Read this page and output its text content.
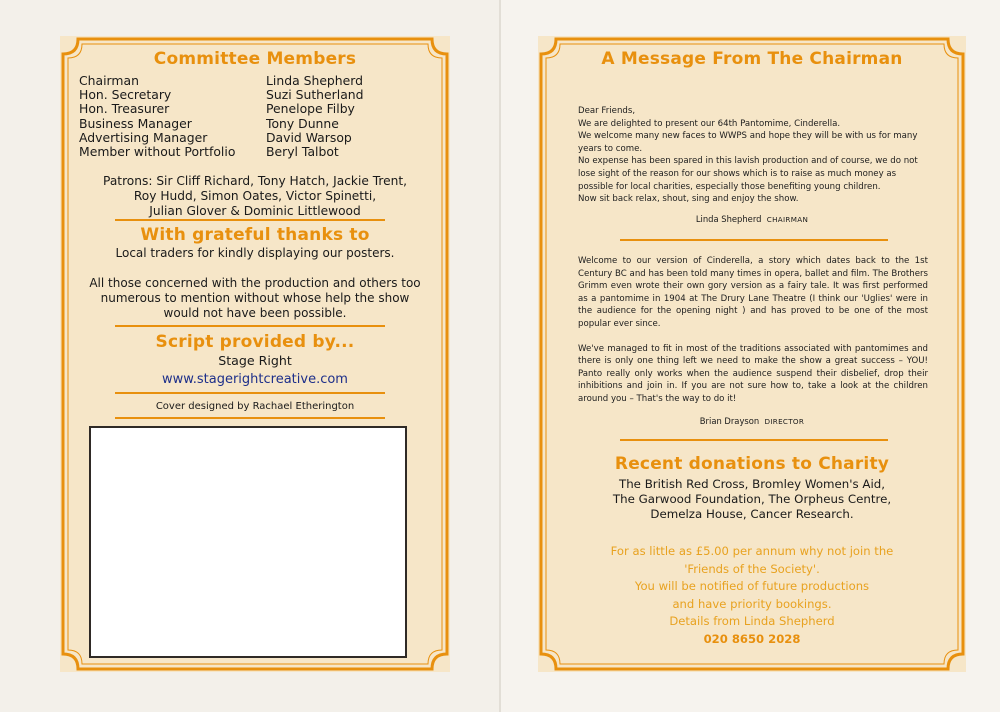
Committee Members
Chairman
Hon. Secretary
Hon. Treasurer
Business Manager
Advertising Manager
Member without Portfolio
Linda Shepherd
Suzi Sutherland
Penelope Filby
Tony Dunne
David Warsop
Beryl Talbot
Patrons: Sir Cliff Richard, Tony Hatch, Jackie Trent,
Roy Hudd, Simon Oates, Victor Spinetti,
Julian Glover & Dominic Littlewood
With grateful thanks to
Local traders for kindly displaying our posters.
All those concerned with the production and others too
numerous to mention without whose help the show
would not have been possible.
Script provided by...
Stage Right
www.stagerightcreative.com
Cover designed by Rachael Etherington
A Message From The Chairman

Dear Friends,

We are delighted to present our 64th Pantomime, Cinderella.

We welcome many new faces to WWPS and hope they will be with us for many years to come.

No expense has been spared in this lavish production and of course, we do not lose sight of the reason for our shows which is to raise as much money as possible for local charities, especially those benefiting young children.

Now sit back relax, shout, sing and enjoy the show.

Linda Shepherd CHAIRMAN

Welcome to our version of Cinderella, a story which dates back to the 1st Century BC and has been told many times in opera, ballet and film. The Brothers Grimm even wrote their own gory version as a fairy tale. It was first performed as a pantomime in 1904 at The Drury Lane Theatre (I think our 'Uglies' were in the audience for the opening night ) and has proved to be one of the most popular ever since.

We've managed to fit in most of the traditions associated with pantomimes and there is only one thing left we need to make the show a great success – YOU! Panto really only works when the audience suspend their disbelief, drop their inhibitions and join in. If you are not sure how to, take a look at the children around you – That's the way to do it!

Brian Drayson DIRECTOR
Recent donations to Charity
The British Red Cross, Bromley Women's Aid,
The Garwood Foundation, The Orpheus Centre,
Demelza House, Cancer Research.
For as little as £5.00 per annum why not join the
'Friends of the Society'.
You will be notified of future productions
and have priority bookings.
Details from Linda Shepherd
020 8650 2028
